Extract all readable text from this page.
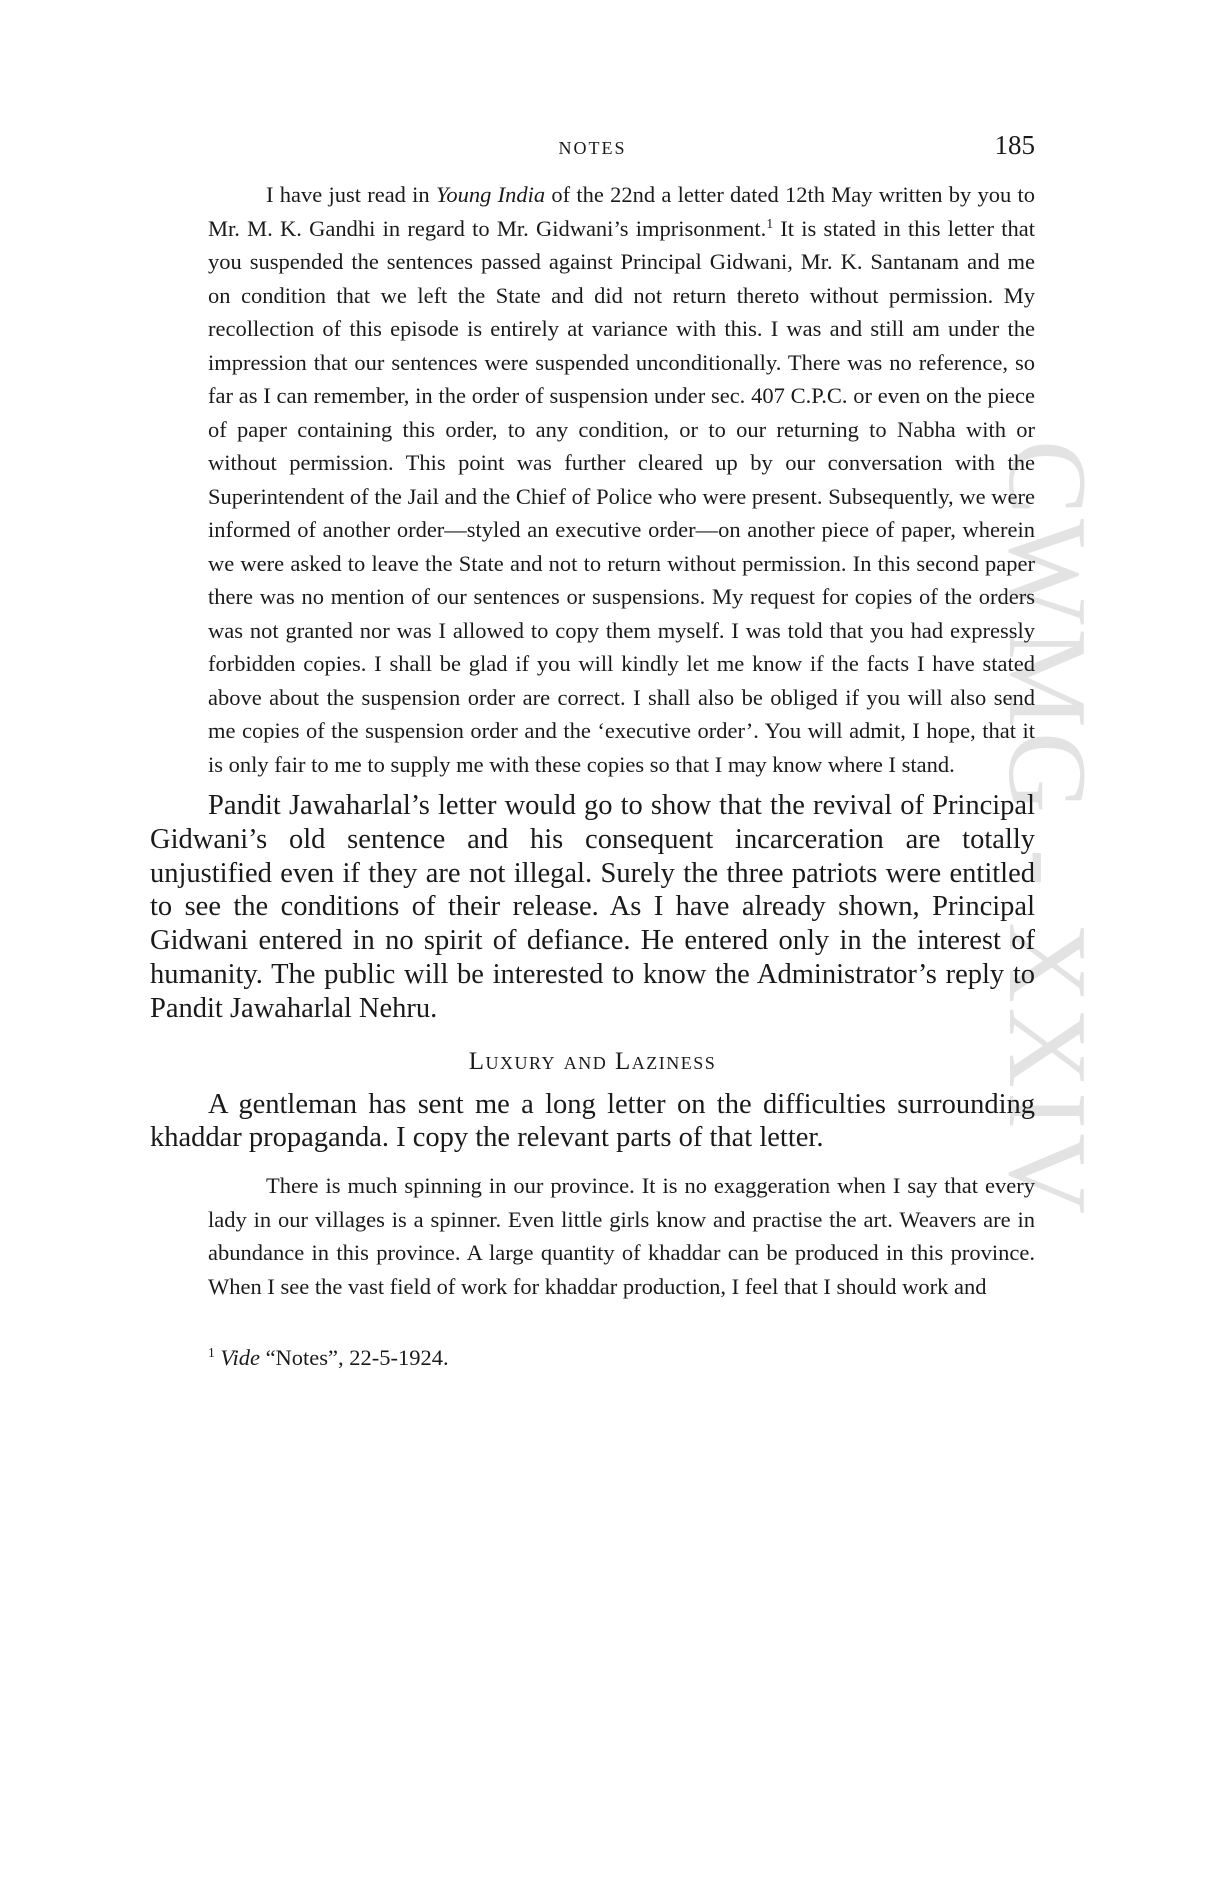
CWMG - XXIV
NOTES	185

I have just read in Young India of the 22nd a letter dated 12th May written by you to Mr. M. K. Gandhi in regard to Mr. Gidwani’s imprisonment.$^1$ It is stated in this letter that you suspended the sentences passed against Principal Gidwani, Mr. K. Santanam and me on condition that we left the State and did not return thereto without permission. My recollection of this episode is entirely at variance with this. I was and still am under the impression that our sentences were suspended unconditionally. There was no reference, so far as I can remember, in the order of suspension under sec. 407 C.P.C. or even on the piece of paper containing this order, to any condition, or to our returning to Nabha with or without permission. This point was further cleared up by our conversation with the Superintendent of the Jail and the Chief of Police who were present. Subsequently, we were informed of another order—styled an executive order—on another piece of paper, wherein we were asked to leave the State and not to return without permission. In this second paper there was no mention of our sentences or suspensions. My request for copies of the orders was not granted nor was I allowed to copy them myself. I was told that you had expressly forbidden copies. I shall be glad if you will kindly let me know if the facts I have stated above about the suspension order are correct. I shall also be obliged if you will also send me copies of the suspension order and the ‘executive order’. You will admit, I hope, that it is only fair to me to supply me with these copies so that I may know where I stand.

Pandit Jawaharlal’s letter would go to show that the revival of Principal Gidwani’s old sentence and his consequent incarceration are totally unjustified even if they are not illegal. Surely the three patriots were entitled to see the conditions of their release. As I have already shown, Principal Gidwani entered in no spirit of defiance. He entered only in the interest of humanity. The public will be interested to know the Administrator’s reply to Pandit Jawaharlal Nehru.

Luxury and Laziness

A gentleman has sent me a long letter on the difficulties surrounding khaddar propaganda. I copy the relevant parts of that letter.

There is much spinning in our province. It is no exaggeration when I say that every lady in our villages is a spinner. Even little girls know and practise the art. Weavers are in abundance in this province. A large quantity of khaddar can be produced in this province. When I see the vast field of work for khaddar production, I feel that I should work and

$^1$ Vide “Notes”, 22-5-1924.
